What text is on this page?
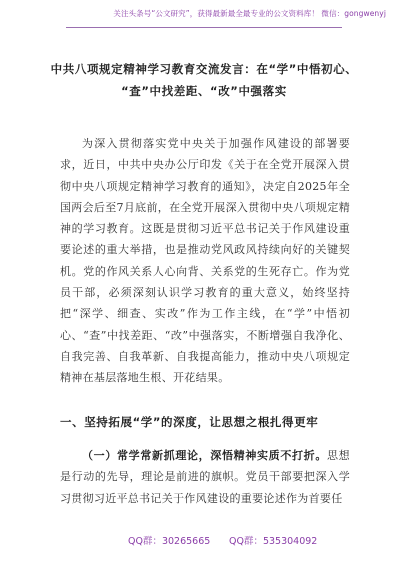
关注头条号“公文研究”，获得最新最全最专业的公文资料库！ 微信：gongwenyj
中共八项规定精神学习教育交流发言：在“学”中悟初心、
“查”中找差距、“改”中强落实
为深入贯彻落实党中央关于加强作风建设的部署要求，近日，中共中央办公厅印发《关于在全党开展深入贯彻中央八项规定精神学习教育的通知》，决定自2025年全国两会后至7月底前，在全党开展深入贯彻中央八项规定精神的学习教育。这既是贯彻习近平总书记关于作风建设重要论述的重大举措，也是推动党风政风持续向好的关键契机。党的作风关系人心向背、关系党的生死存亡。作为党员干部，必须深刻认识学习教育的重大意义，始终坚持把“深学、细查、实改”作为工作主线，在“学”中悟初心、“查”中找差距、“改”中强落实，不断增强自我净化、自我完善、自我革新、自我提高能力，推动中央八项规定精神在基层落地生根、开花结果。
一、坚持拓展“学”的深度，让思想之根扎得更牢
（一）常学常新抓理论，深悟精神实质不打折。思想是行动的先导，理论是前进的旗帜。党员干部要把深入学习贯彻习近平总书记关于作风建设的重要论述作为首要任
QQ群：30265665 QQ群：535304092
